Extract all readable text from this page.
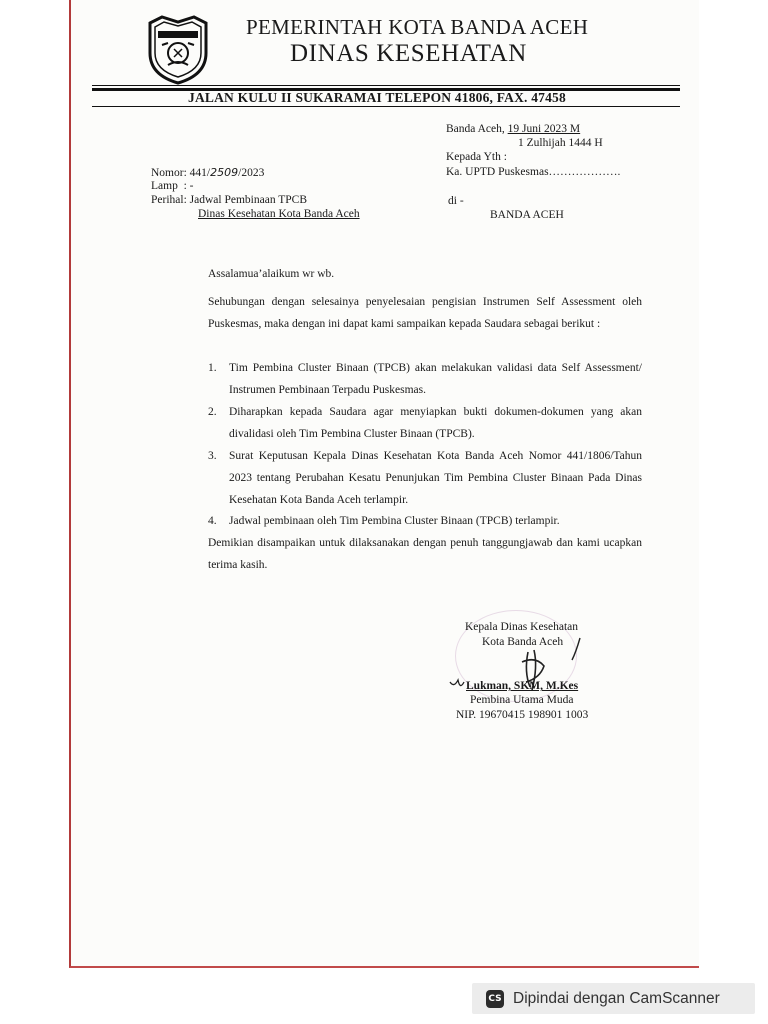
PEMERINTAH KOTA BANDA ACEH
DINAS KESEHATAN
JALAN KULU II SUKARAMAI TELEPON 41806, FAX. 47458
Banda Aceh, 19 Juni 2023 M
1 Zulhijah 1444 H
Kepada Yth :
Ka. UPTD Puskesmas……………….
di -
BANDA ACEH
Nomor: 441/2509/2023
Lamp  : -
Perihal: Jadwal Pembinaan TPCB
Dinas Kesehatan Kota Banda Aceh
Assalamua’alaikum wr wb.

Sehubungan dengan selesainya penyelesaian pengisian Instrumen Self Assessment oleh Puskesmas, maka dengan ini dapat kami sampaikan kepada Saudara sebagai berikut :

1. Tim Pembina Cluster Binaan (TPCB) akan melakukan validasi data Self Assessment/ Instrumen Pembinaan Terpadu Puskesmas.
2. Diharapkan kepada Saudara agar menyiapkan bukti dokumen-dokumen yang akan divalidasi oleh Tim Pembina Cluster Binaan (TPCB).
3. Surat Keputusan Kepala Dinas Kesehatan Kota Banda Aceh Nomor 441/1806/Tahun 2023 tentang Perubahan Kesatu Penunjukan Tim Pembina Cluster Binaan Pada Dinas Kesehatan Kota Banda Aceh terlampir.
4. Jadwal pembinaan oleh Tim Pembina Cluster Binaan (TPCB) terlampir.

Demikian disampaikan untuk dilaksanakan dengan penuh tanggungjawab dan kami ucapkan terima kasih.

Kepala Dinas Kesehatan
Kota Banda Aceh
Lukman, SKM, M.Kes
Pembina Utama Muda
NIP. 19670415 198901 1003
CS Dipindai dengan CamScanner
